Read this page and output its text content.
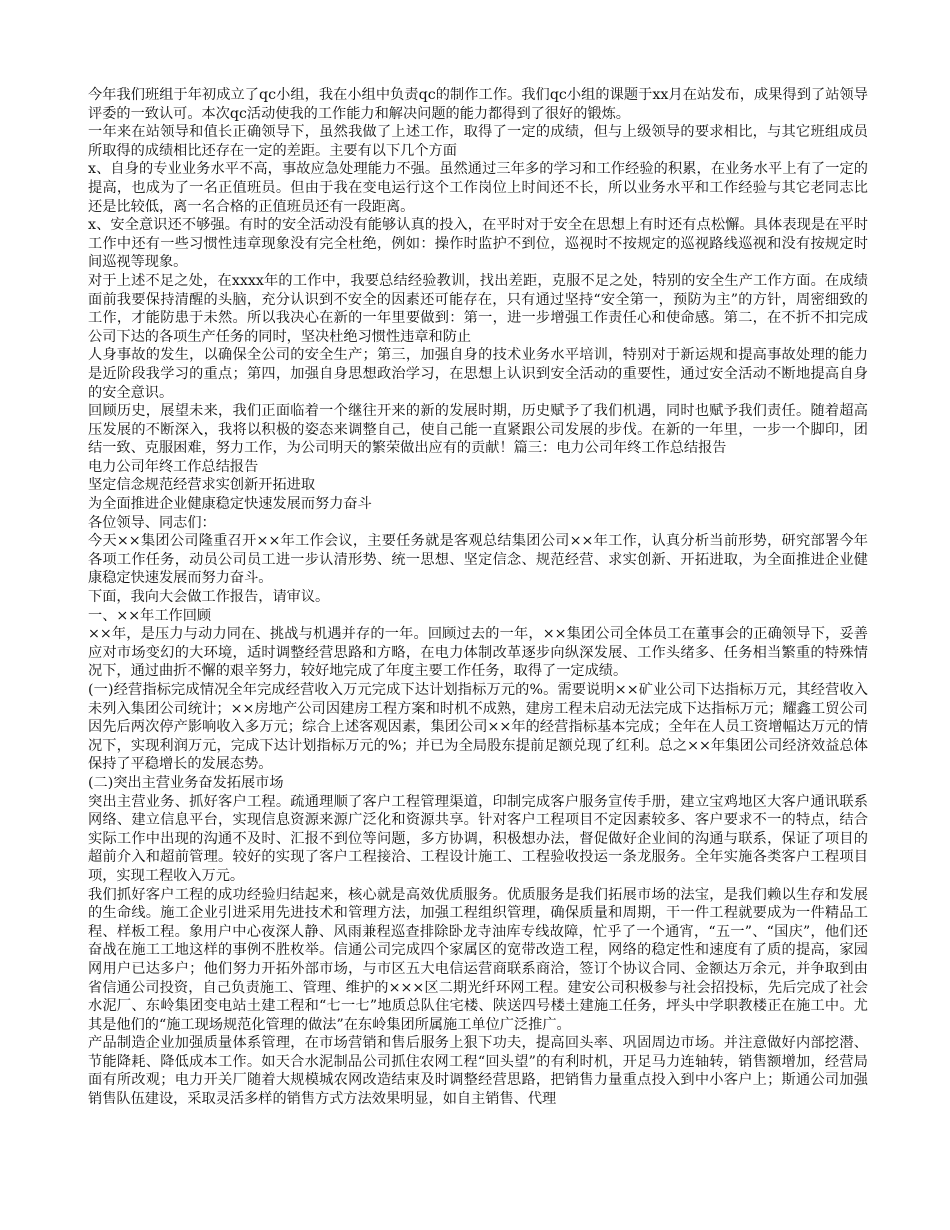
今年我们班组于年初成立了qc小组，我在小组中负责qc的制作工作。我们qc小组的课题于xx月在站发布，成果得到了站领导评委的一致认可。本次qc活动使我的工作能力和解决问题的能力都得到了很好的锻炼。

一年来在站领导和值长正确领导下，虽然我做了上述工作，取得了一定的成绩，但与上级领导的要求相比，与其它班组成员所取得的成绩相比还存在一定的差距。主要有以下几个方面

x、自身的专业业务水平不高，事故应急处理能力不强。虽然通过三年多的学习和工作经验的积累，在业务水平上有了一定的提高，也成为了一名正值班员。但由于我在变电运行这个工作岗位上时间还不长，所以业务水平和工作经验与其它老同志比还是比较低，离一名合格的正值班员还有一段距离。

x、安全意识还不够强。有时的安全活动没有能够认真的投入，在平时对于安全在思想上有时还有点松懈。具体表现是在平时工作中还有一些习惯性违章现象没有完全杜绝，例如：操作时监护不到位，巡视时不按规定的巡视路线巡视和没有按规定时间巡视等现象。

对于上述不足之处，在xxxx年的工作中，我要总结经验教训，找出差距，克服不足之处，特别的安全生产工作方面。在成绩面前我要保持清醒的头脑，充分认识到不安全的因素还可能存在，只有通过坚持“安全第一，预防为主”的方针，周密细致的工作，才能防患于未然。所以我决心在新的一年里要做到：第一，进一步增强工作责任心和使命感。第二，在不折不扣完成公司下达的各项生产任务的同时，坚决杜绝习惯性违章和防止

人身事故的发生，以确保全公司的安全生产；第三，加强自身的技术业务水平培训，特别对于新运规和提高事故处理的能力是近阶段我学习的重点；第四，加强自身思想政治学习，在思想上认识到安全活动的重要性，通过安全活动不断地提高自身的安全意识。

回顾历史，展望未来，我们正面临着一个继往开来的新的发展时期，历史赋予了我们机遇，同时也赋予我们责任。随着超高压发展的不断深入，我将以积极的姿态来调整自己，使自己能一直紧跟公司发展的步伐。在新的一年里，一步一个脚印，团结一致、克服困难，努力工作，为公司明天的繁荣做出应有的贡献！篇三：电力公司年终工作总结报告

电力公司年终工作总结报告

坚定信念规范经营求实创新开拓进取

为全面推进企业健康稳定快速发展而努力奋斗

各位领导、同志们：

今天××集团公司隆重召开××年工作会议，主要任务就是客观总结集团公司××年工作，认真分析当前形势，研究部署今年各项工作任务，动员公司员工进一步认清形势、统一思想、坚定信念、规范经营、求实创新、开拓进取，为全面推进企业健康稳定快速发展而努力奋斗。

下面，我向大会做工作报告，请审议。

一、××年工作回顾

××年，是压力与动力同在、挑战与机遇并存的一年。回顾过去的一年，××集团公司全体员工在董事会的正确领导下，妥善应对市场变幻的大环境，适时调整经营思路和方略，在电力体制改革逐步向纵深发展、工作头绪多、任务相当繁重的特殊情况下，通过曲折不懈的艰辛努力，较好地完成了年度主要工作任务，取得了一定成绩。

(一)经营指标完成情况全年完成经营收入万元完成下达计划指标万元的%。需要说明××矿业公司下达指标万元，其经营收入未列入集团公司统计；××房地产公司因建房工程方案和时机不成熟，建房工程未启动无法完成下达指标万元；耀鑫工贸公司因先后两次停产影响收入多万元；综合上述客观因素，集团公司××年的经营指标基本完成；全年在人员工资增幅达万元的情况下，实现利润万元，完成下达计划指标万元的%；并已为全局股东提前足额兑现了红利。总之××年集团公司经济效益总体保持了平稳增长的发展态势。

(二)突出主营业务奋发拓展市场

突出主营业务、抓好客户工程。疏通理顺了客户工程管理渠道，印制完成客户服务宣传手册，建立宝鸡地区大客户通讯联系网络、建立信息平台，实现信息资源来源广泛化和资源共享。针对客户工程项目不定因素较多、客户要求不一的特点，结合实际工作中出现的沟通不及时、汇报不到位等问题，多方协调，积极想办法，督促做好企业间的沟通与联系，保证了项目的超前介入和超前管理。较好的实现了客户工程接洽、工程设计施工、工程验收投运一条龙服务。全年实施各类客户工程项目项，实现工程收入万元。

我们抓好客户工程的成功经验归结起来，核心就是高效优质服务。优质服务是我们拓展市场的法宝，是我们赖以生存和发展的生命线。施工企业引进采用先进技术和管理方法，加强工程组织管理，确保质量和周期，干一件工程就要成为一件精品工程、样板工程。象用户中心夜深人静、风雨兼程巡查排除卧龙寺油库专线故障，忙乎了一个通宵，“五一”、“国庆”，他们还奋战在施工工地这样的事例不胜枚举。信通公司完成四个家属区的宽带改造工程，网络的稳定性和速度有了质的提高，家园网用户已达多户；他们努力开拓外部市场，与市区五大电信运营商联系商洽，签订个协议合同、金额达万余元，并争取到由省信通公司投资，自己负责施工、管理、维护的×××区二期光纤环网工程。建安公司积极参与社会招投标，先后完成了社会水泥厂、东岭集团变电站土建工程和“七一七”地质总队住宅楼、陕送四号楼土建施工任务，坪头中学职教楼正在施工中。尤其是他们的“施工现场规范化管理的做法”在东岭集团所属施工单位广泛推广。

产品制造企业加强质量体系管理，在市场营销和售后服务上狠下功夫，提高回头率、巩固周边市场。并注意做好内部挖潜、节能降耗、降低成本工作。如天合水泥制品公司抓住农网工程“回头望”的有利时机，开足马力连轴转，销售额增加，经营局面有所改观；电力开关厂随着大规模城农网改造结束及时调整经营思路，把销售力量重点投入到中小客户上；斯通公司加强销售队伍建设，采取灵活多样的销售方式方法效果明显，如自主销售、代理
